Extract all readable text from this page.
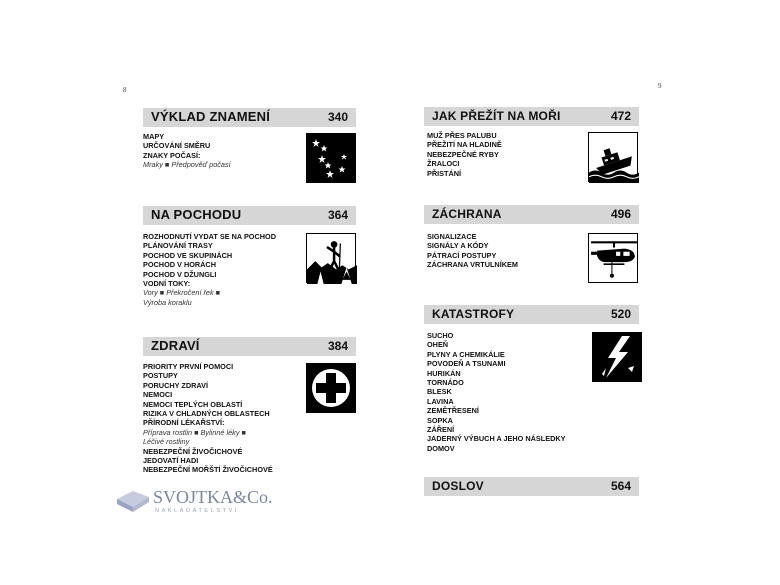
8	9
VÝKLAD ZNAMENÍ	340
MAPY
URČOVÁNÍ SMĚRU
ZNAKY POČASÍ:
Mraky ■ Předpověď počasí
NA POCHODU	364
ROZHODNUTÍ VYDAT SE NA POCHOD
PLÁNOVÁNÍ TRASY
POCHOD VE SKUPINÁCH
POCHOD V HORÁCH
POCHOD V DŽUNGLI
VODNÍ TOKY:
Vory ■ Překročení řek ■
Výroba koraklu
ZDRAVÍ	384
PRIORITY PRVNÍ POMOCI
POSTUPY
PORUCHY ZDRAVÍ
NEMOCI
NEMOCI TEPLÝCH OBLASTÍ
RIZIKA V CHLADNÝCH OBLASTECH
PŘÍRODNÍ LÉKAŘSTVÍ:
Příprava rostlin ■ Bylinné léky ■
Léčivé rostliny
NEBEZPEČNÍ ŽIVOČICHOVÉ
JEDOVATÍ HADI
NEBEZPEČNÍ MOŘŠTÍ ŽIVOČICHOVÉ
JAK PŘEŽÍT NA MOŘI	472
MUŽ PŘES PALUBU
PŘEŽITÍ NA HLADINĚ
NEBEZPEČNÉ RYBY
ŽRALOCI
PŘISTÁNÍ
ZÁCHRANA	496
SIGNALIZACE
SIGNÁLY A KÓDY
PÁTRACÍ POSTUPY
ZÁCHRANA VRTULNÍKEM
KATASTROFY	520
SUCHO
OHEŇ
PLYNY A CHEMIKÁLIE
POVODEŇ A TSUNAMI
HURIKÁN
TORNÁDO
BLESK
LAVINA
ZEMĚTŘESENÍ
SOPKA
ZÁŘENÍ
JADERNÝ VÝBUCH A JEHO NÁSLEDKY
DOMOV
DOSLOV	564
SVOJTKA&Co.
NAKLADATELSTVÍ
